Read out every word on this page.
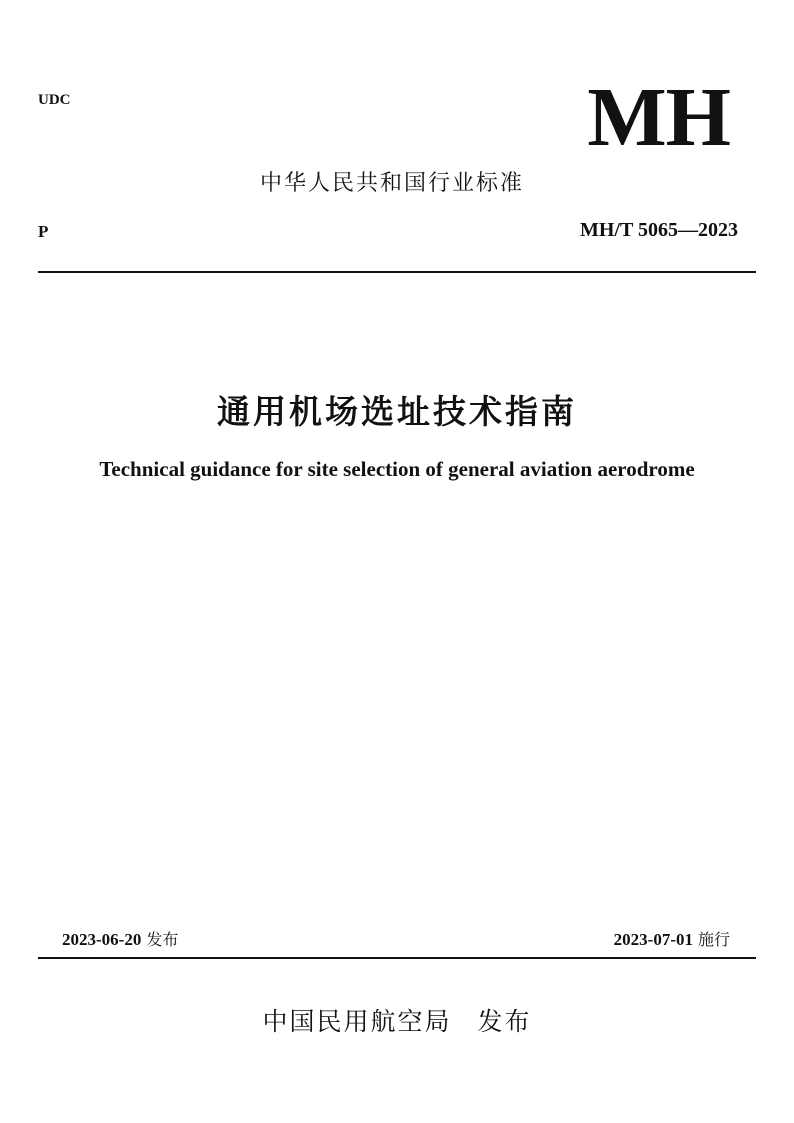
UDC	MH
中华人民共和国行业标准
P	MH/T 5065—2023
通用机场选址技术指南
Technical guidance for site selection of general aviation aerodrome
2023-06-20 发布	2023-07-01 施行
中国民用航空局 发布
